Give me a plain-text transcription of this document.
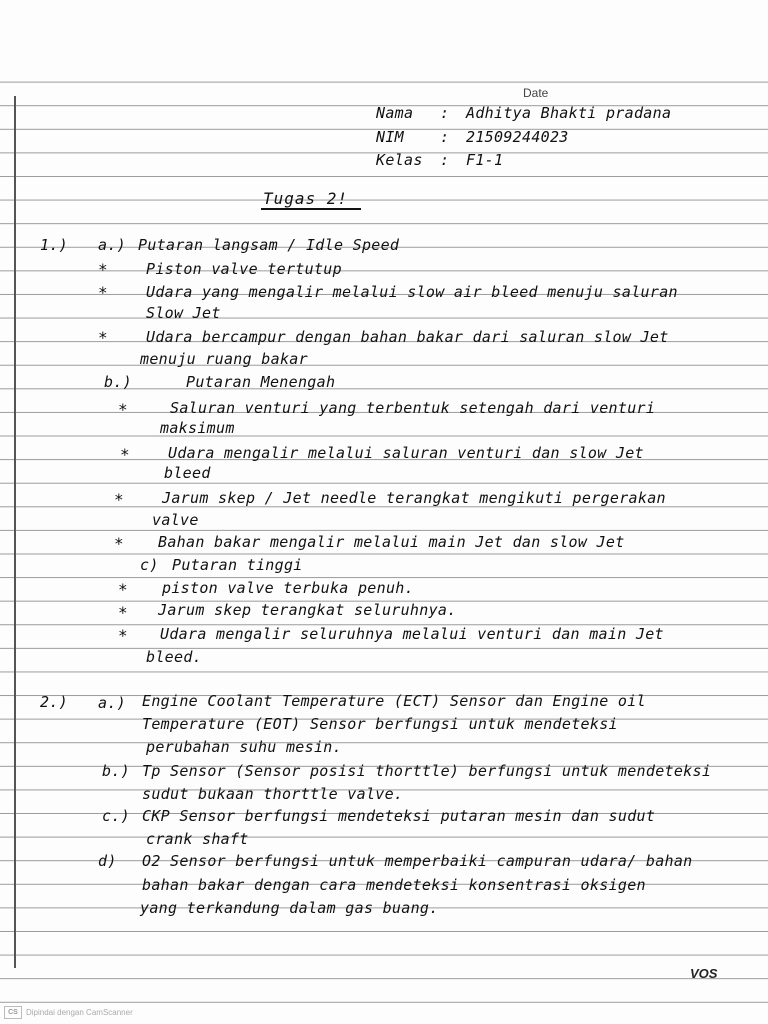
Date
Nama : Adhitya Bhakti pradana
NIM : 21509244023
Kelas : F1-1
Tugas 2!
1.) a.) Putaran langsam / Idle Speed
*	Piston valve tertutup
*	Udara yang mengalir melalui slow air bleed menuju saluran
Slow Jet
*	Udara bercampur dengan bahan bakar dari saluran slow Jet
menuju ruang bakar
b.)	Putaran Menengah
*	Saluran venturi yang terbentuk setengah dari venturi
maksimum
*	Udara mengalir melalui saluran venturi dan slow Jet
bleed
*	Jarum skep / Jet needle terangkat mengikuti pergerakan
valve
* Bahan bakar mengalir melalui main Jet dan slow Jet
c) Putaran tinggi
* piston valve terbuka penuh.
* Jarum skep terangkat seluruhnya.
* Udara mengalir seluruhnya melalui venturi dan main Jet
bleed.
2.) a.) Engine Coolant Temperature (ECT) Sensor dan Engine oil
Temperature (EOT) Sensor berfungsi untuk mendeteksi
perubahan suhu mesin.
b.) Tp Sensor (Sensor posisi thorttle) berfungsi untuk mendeteksi
sudut bukaan thorttle valve.
c.) CKP Sensor berfungsi mendeteksi putaran mesin dan sudut
crank shaft
d) O2 Sensor berfungsi untuk memperbaiki campuran udara/ bahan
bahan bakar dengan cara mendeteksi konsentrasi oksigen
yang terkandung dalam gas buang.
VOS
CS	Dipindai dengan CamScanner
